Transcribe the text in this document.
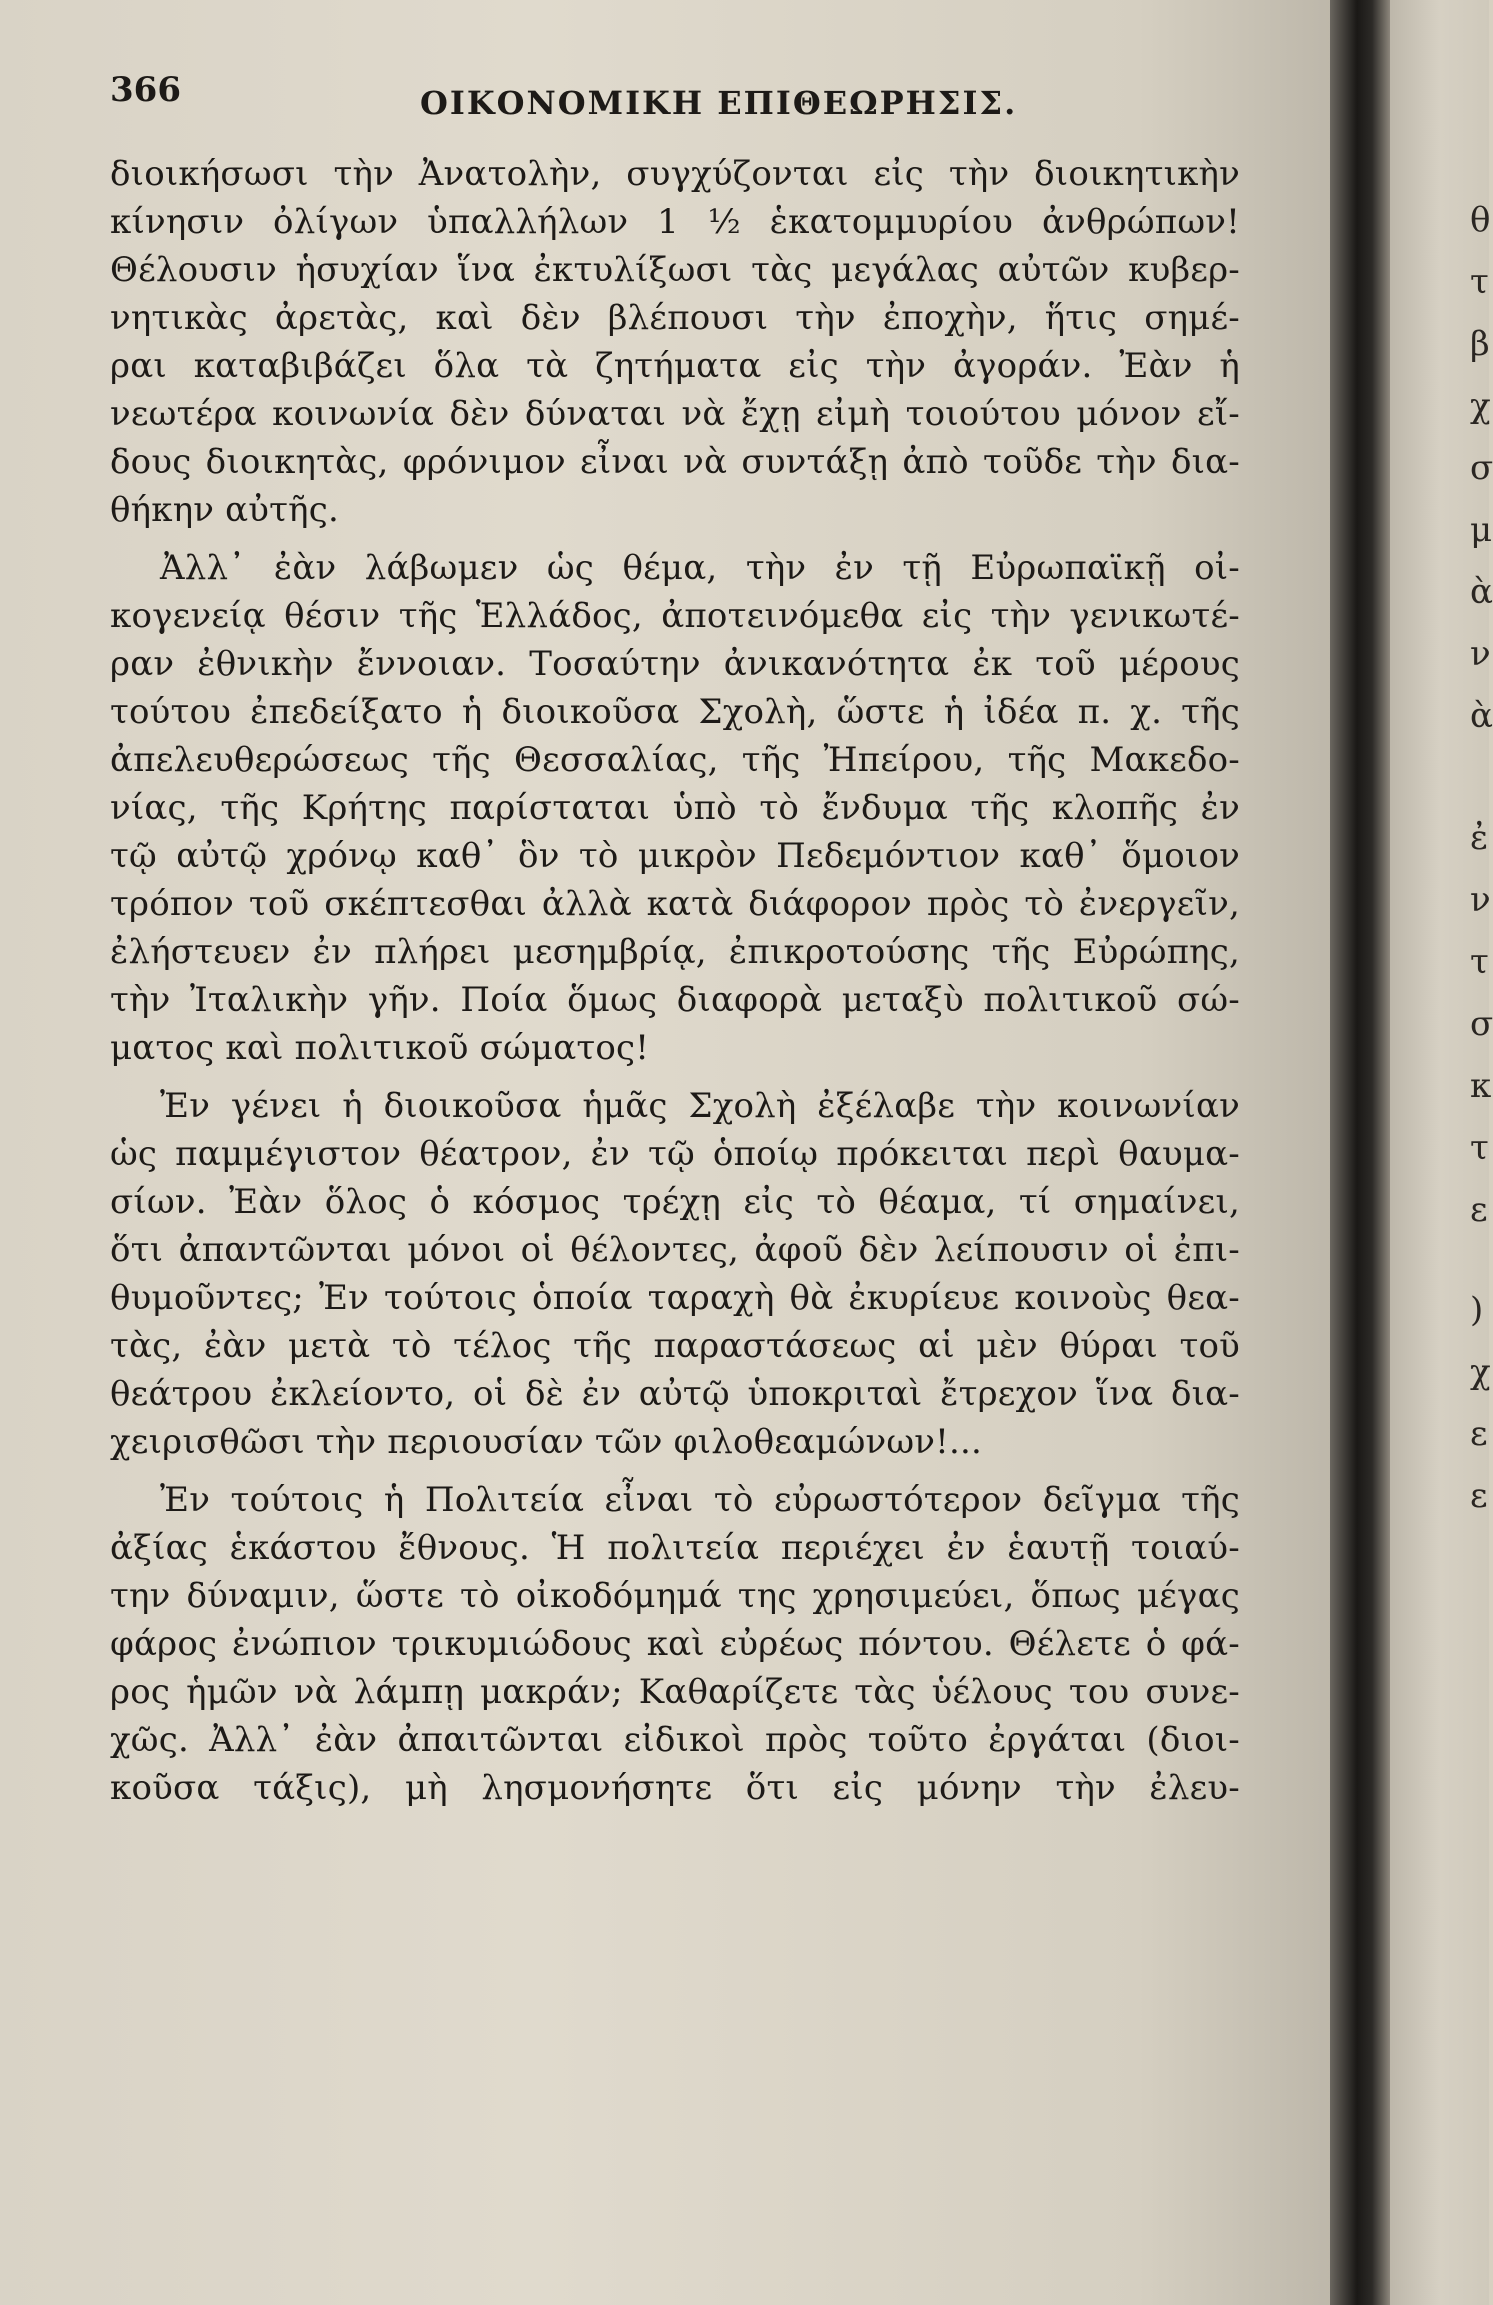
366	ΟΙΚΟΝΟΜΙΚΗ ΕΠΙΘΕΩΡΗΣΙΣ.
διοικήσωσι τὴν Ἀνατολὴν, συγχύζονται εἰς τὴν διοικητικὴν
κίνησιν ὀλίγων ὑπαλλήλων 1 ½ ἑκατομμυρίου ἀνθρώπων!
Θέλουσιν ἡσυχίαν ἵνα ἐκτυλίξωσι τὰς μεγάλας αὐτῶν κυβερ-
νητικὰς ἀρετὰς, καὶ δὲν βλέπουσι τὴν ἐποχὴν, ἥτις σημέ-
ραι καταβιβάζει ὅλα τὰ ζητήματα εἰς τὴν ἀγοράν. Ἐὰν ἡ
νεωτέρα κοινωνία δὲν δύναται νὰ ἔχῃ εἰμὴ τοιούτου μόνον εἴ-
δους διοικητὰς, φρόνιμον εἶναι νὰ συντάξῃ ἀπὸ τοῦδε τὴν δια-
θήκην αὐτῆς.
Ἀλλ᾽ ἐὰν λάβωμεν ὡς θέμα, τὴν ἐν τῇ Εὐρωπαϊκῇ οἰ-
κογενείᾳ θέσιν τῆς Ἑλλάδος, ἀποτεινόμεθα εἰς τὴν γενικωτέ-
ραν ἐθνικὴν ἔννοιαν. Τοσαύτην ἀνικανότητα ἐκ τοῦ μέρους
τούτου ἐπεδείξατο ἡ διοικοῦσα Σχολὴ, ὥστε ἡ ἰδέα π. χ. τῆς
ἀπελευθερώσεως τῆς Θεσσαλίας, τῆς Ἠπείρου, τῆς Μακεδο-
νίας, τῆς Κρήτης παρίσταται ὑπὸ τὸ ἔνδυμα τῆς κλοπῆς ἐν
τῷ αὐτῷ χρόνῳ καθ᾽ ὃν τὸ μικρὸν Πεδεμόντιον καθ᾽ ὅμοιον
τρόπον τοῦ σκέπτεσθαι ἀλλὰ κατὰ διάφορον πρὸς τὸ ἐνεργεῖν,
ἐλήστευεν ἐν πλήρει μεσημβρίᾳ, ἐπικροτούσης τῆς Εὐρώπης,
τὴν Ἰταλικὴν γῆν. Ποία ὅμως διαφορὰ μεταξὺ πολιτικοῦ σώ-
ματος καὶ πολιτικοῦ σώματος!
Ἐν γένει ἡ διοικοῦσα ἡμᾶς Σχολὴ ἐξέλαβε τὴν κοινωνίαν
ὡς παμμέγιστον θέατρον, ἐν τῷ ὁποίῳ πρόκειται περὶ θαυμα-
σίων. Ἐὰν ὅλος ὁ κόσμος τρέχῃ εἰς τὸ θέαμα, τί σημαίνει,
ὅτι ἀπαντῶνται μόνοι οἱ θέλοντες, ἀφοῦ δὲν λείπουσιν οἱ ἐπι-
θυμοῦντες; Ἐν τούτοις ὁποία ταραχὴ θὰ ἐκυρίευε κοινοὺς θεα-
τὰς, ἐὰν μετὰ τὸ τέλος τῆς παραστάσεως αἱ μὲν θύραι τοῦ
θεάτρου ἐκλείοντο, οἱ δὲ ἐν αὐτῷ ὑποκριταὶ ἔτρεχον ἵνα δια-
χειρισθῶσι τὴν περιουσίαν τῶν φιλοθεαμώνων!...
Ἐν τούτοις ἡ Πολιτεία εἶναι τὸ εὐρωστότερον δεῖγμα τῆς
ἀξίας ἑκάστου ἔθνους. Ἡ πολιτεία περιέχει ἐν ἑαυτῇ τοιαύ-
την δύναμιν, ὥστε τὸ οἰκοδόμημά της χρησιμεύει, ὅπως μέγας
φάρος ἐνώπιον τρικυμιώδους καὶ εὐρέως πόντου. Θέλετε ὁ φά-
ρος ἡμῶν νὰ λάμπῃ μακράν; Καθαρίζετε τὰς ὑέλους του συνε-
χῶς. Ἀλλ᾽ ἐὰν ἀπαιτῶνται εἰδικοὶ πρὸς τοῦτο ἐργάται (διοι-
κοῦσα τάξις), μὴ λησμονήσητε ὅτι εἰς μόνην τὴν ἐλευ-
θ
τ
β
χ
σ
μ
ὰ
ν
ὰ
ἐ
ν
τ
σ
κ
τ
ε
)
χ
ε
ε
